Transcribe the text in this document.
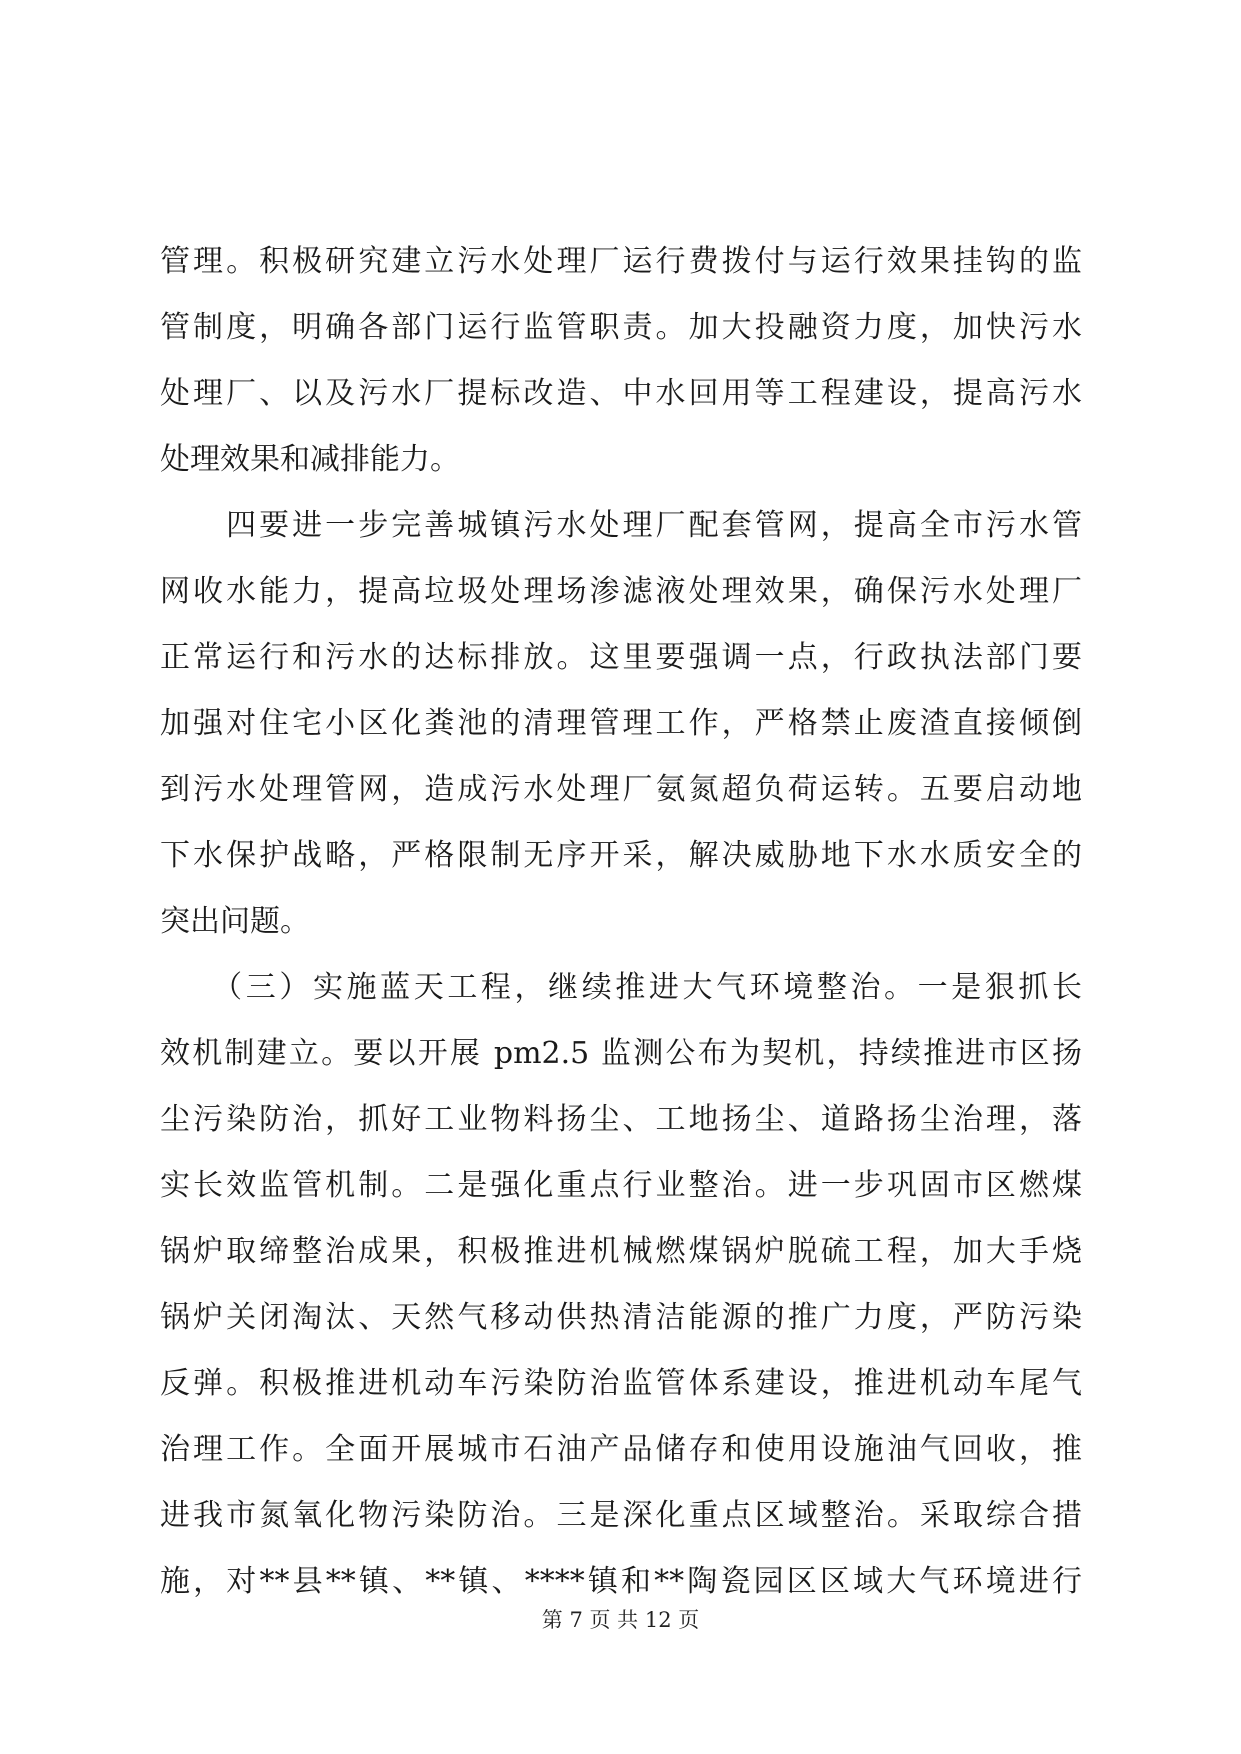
管理。积极研究建立污水处理厂运行费拨付与运行效果挂钩的监
管制度，明确各部门运行监管职责。加大投融资力度，加快污水
处理厂、以及污水厂提标改造、中水回用等工程建设，提高污水
处理效果和减排能力。
　　四要进一步完善城镇污水处理厂配套管网，提高全市污水管
网收水能力，提高垃圾处理场渗滤液处理效果，确保污水处理厂
正常运行和污水的达标排放。这里要强调一点，行政执法部门要
加强对住宅小区化粪池的清理管理工作，严格禁止废渣直接倾倒
到污水处理管网，造成污水处理厂氨氮超负荷运转。五要启动地
下水保护战略，严格限制无序开采，解决威胁地下水水质安全的
突出问题。
　　（三）实施蓝天工程，继续推进大气环境整治。一是狠抓长
效机制建立。要以开展 pm2.5 监测公布为契机，持续推进市区扬
尘污染防治，抓好工业物料扬尘、工地扬尘、道路扬尘治理，落
实长效监管机制。二是强化重点行业整治。进一步巩固市区燃煤
锅炉取缔整治成果，积极推进机械燃煤锅炉脱硫工程，加大手烧
锅炉关闭淘汰、天然气移动供热清洁能源的推广力度，严防污染
反弹。积极推进机动车污染防治监管体系建设，推进机动车尾气
治理工作。全面开展城市石油产品储存和使用设施油气回收，推
进我市氮氧化物污染防治。三是深化重点区域整治。采取综合措
施，对**县**镇、**镇、****镇和**陶瓷园区区域大气环境进行
第 7 页 共 12 页
